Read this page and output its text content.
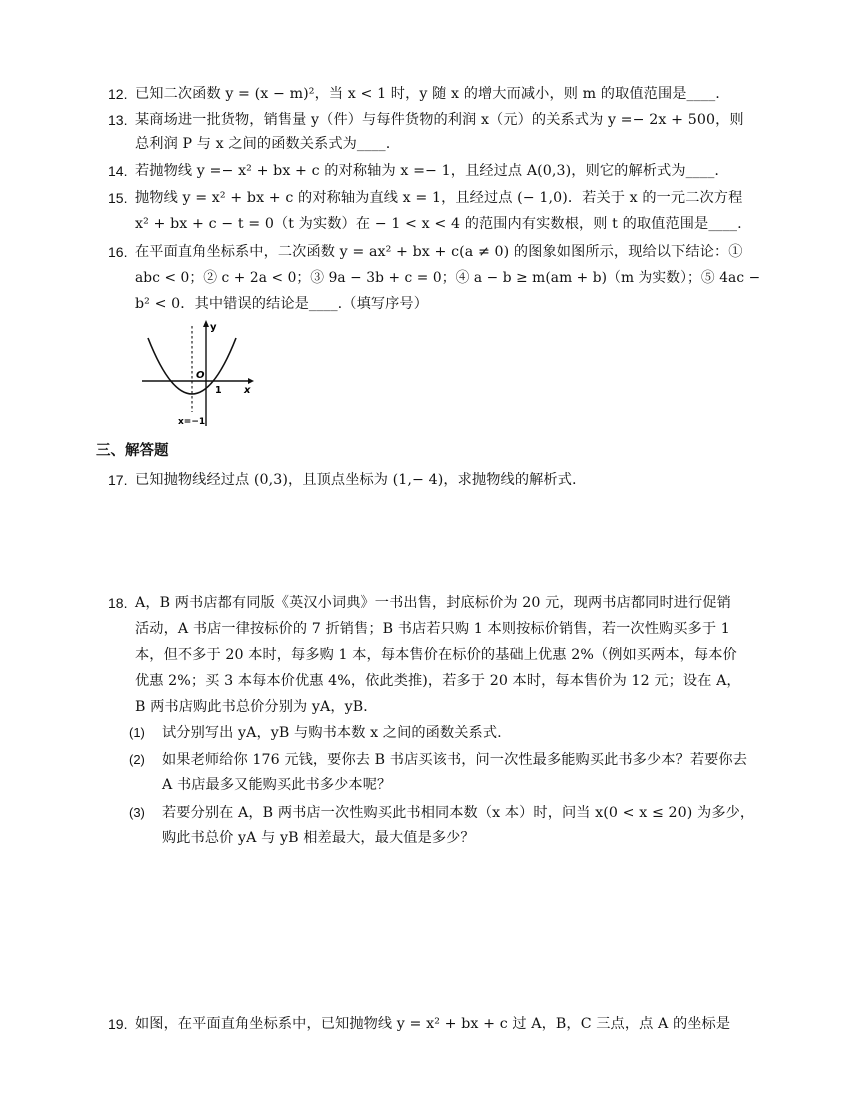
12. 已知二次函数 y = (x − m)²，当 x < 1 时，y 随 x 的增大而减小，则 m 的取值范围是____.
13. 某商场进一批货物，销售量 y（件）与每件货物的利润 x（元）的关系式为 y =− 2x + 500，则
总利润 P 与 x 之间的函数关系式为____.
14. 若抛物线 y =− x² + bx + c 的对称轴为 x =− 1，且经过点 A(0,3)，则它的解析式为____.
15. 抛物线 y = x² + bx + c 的对称轴为直线 x = 1，且经过点 (− 1,0)．若关于 x 的一元二次方程
x² + bx + c − t = 0（t 为实数）在 − 1 < x < 4 的范围内有实数根，则 t 的取值范围是____.
16. 在平面直角坐标系中，二次函数 y = ax² + bx + c(a ≠ 0) 的图象如图所示，现给以下结论：①
abc < 0；② c + 2a < 0；③ 9a − 3b + c = 0；④ a − b ≥ m(am + b)（m 为实数）；⑤ 4ac −
b² < 0．其中错误的结论是____.（填写序号）
y
x
O
1
x=−1
三、解答题
17. 已知抛物线经过点 (0,3)，且顶点坐标为 (1,− 4)，求抛物线的解析式.
18. A，B 两书店都有同版《英汉小词典》一书出售，封底标价为 20 元，现两书店都同时进行促销
活动，A 书店一律按标价的 7 折销售；B 书店若只购 1 本则按标价销售，若一次性购买多于 1
本，但不多于 20 本时，每多购 1 本，每本售价在标价的基础上优惠 2%（例如买两本，每本价
优惠 2%；买 3 本每本价优惠 4%，依此类推)，若多于 20 本时，每本售价为 12 元；设在 A，
B 两书店购此书总价分别为 yA，yB．
(1) 试分别写出 yA，yB 与购书本数 x 之间的函数关系式.
(2) 如果老师给你 176 元钱，要你去 B 书店买该书，问一次性最多能购买此书多少本？若要你去
A 书店最多又能购买此书多少本呢？
(3) 若要分别在 A，B 两书店一次性购买此书相同本数（x 本）时，问当 x(0 < x ≤ 20) 为多少，
购此书总价 yA 与 yB 相差最大，最大值是多少？
19. 如图，在平面直角坐标系中，已知抛物线 y = x² + bx + c 过 A，B，C 三点，点 A 的坐标是
